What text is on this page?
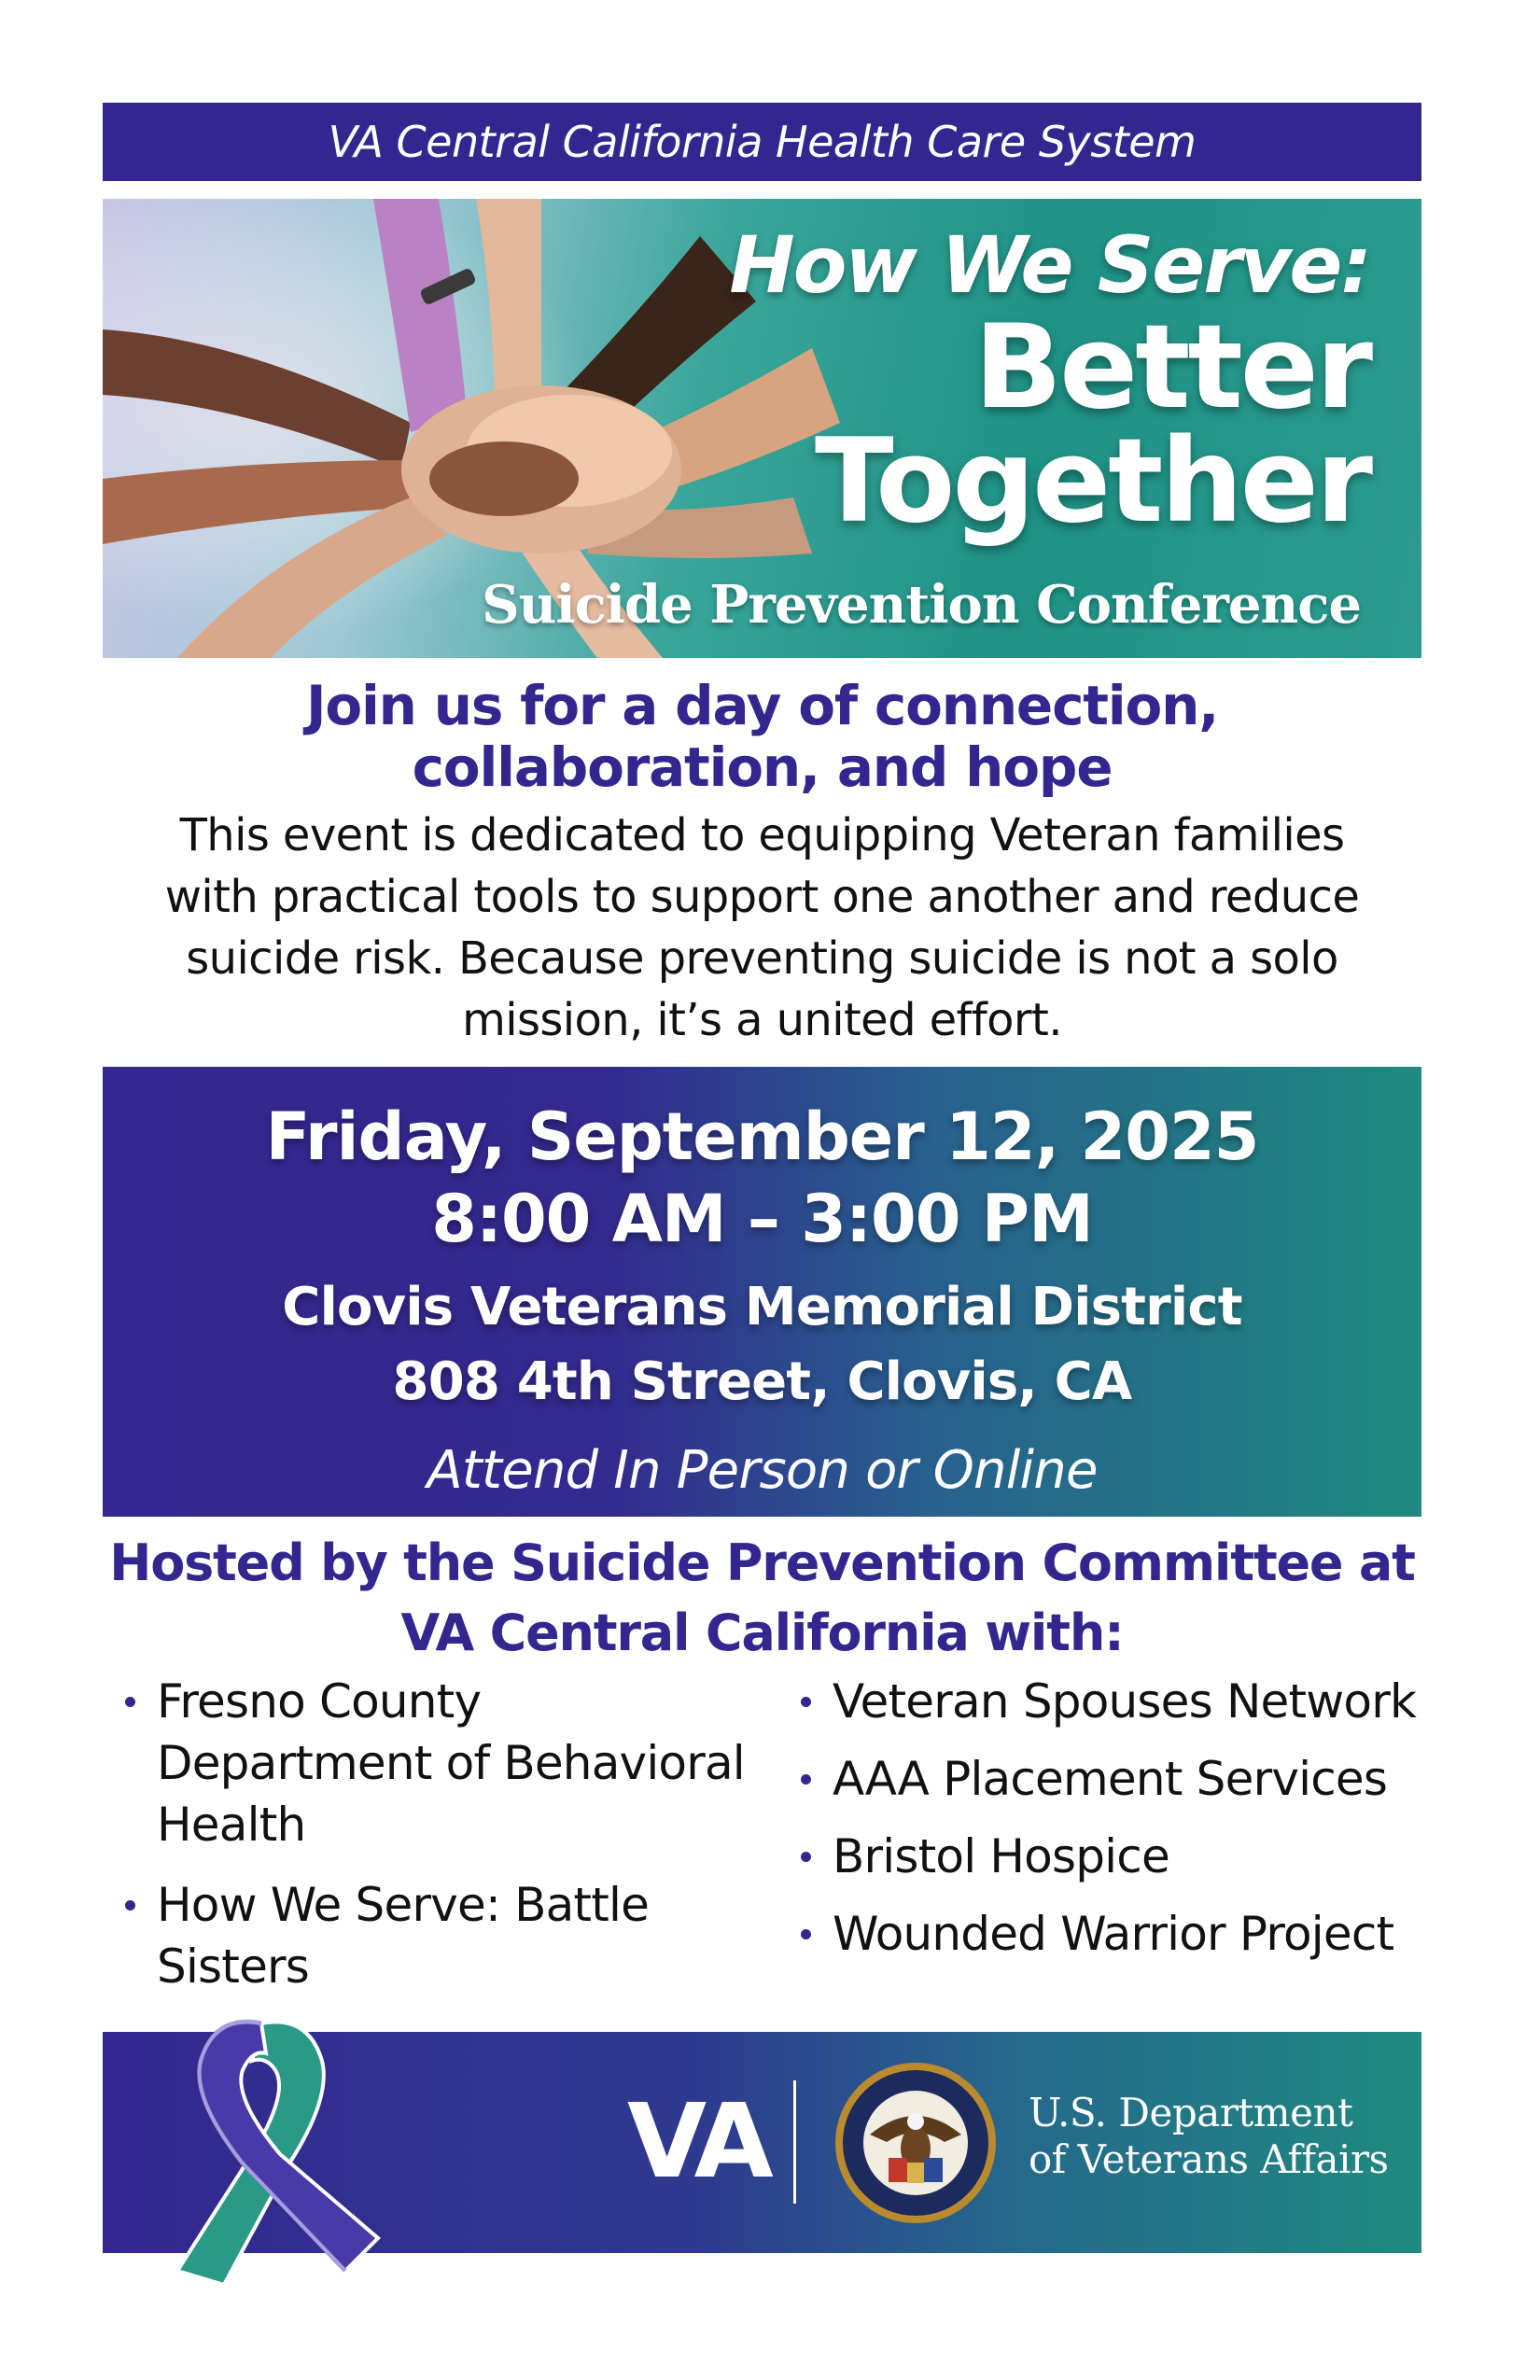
VA Central California Health Care System
How We Serve:
Better
Together
Suicide Prevention Conference
Join us for a day of connection,
collaboration, and hope
This event is dedicated to equipping Veteran families
with practical tools to support one another and reduce
suicide risk. Because preventing suicide is not a solo
mission, it’s a united effort.
Friday, September 12, 2025
8:00 AM – 3:00 PM
Clovis Veterans Memorial District
808 4th Street, Clovis, CA
Attend In Person or Online
Hosted by the Suicide Prevention Committee at
VA Central California with:
Fresno County
Department of Behavioral
Health
How We Serve: Battle
Sisters
Veteran Spouses Network
AAA Placement Services
Bristol Hospice
Wounded Warrior Project
VA	U.S. Department
of Veterans Affairs
